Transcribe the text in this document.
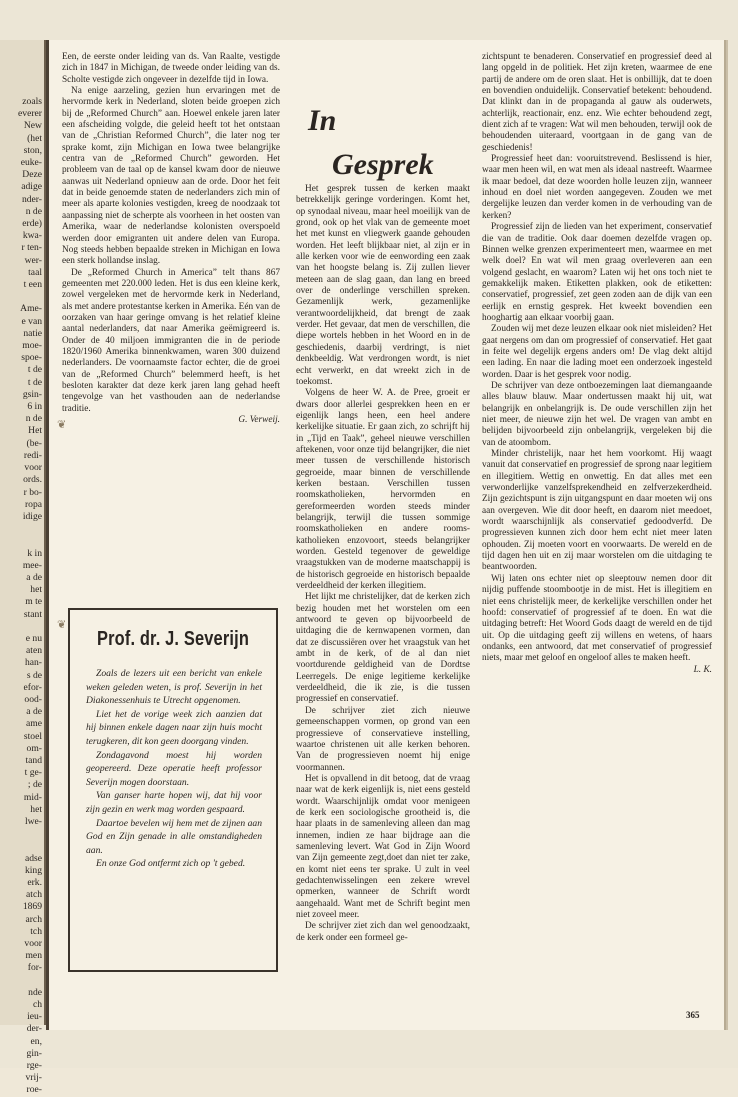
zoals
everer
New
(het
ston,
euke-
Deze
adige
nder-
n de
erde)
kwa-
r ten-
wer-
taal
t een

Ame-
e van
natie
moe-
spoe-
t de
t de
gsin-
6 in
n de
Het
(be-
redi-
voor
ords.
r bo-
ropa
idige

k in
mee-
a de
het
m te
stant

e nu
aten
han-
s de
efor-
ood-
a de
ame
stoel
om-
tand
t ge-
; de
mid-
het
lwe-

adse
king
erk.
atch
1869
arch
tch
voor
men
for-

nde
ch
ieu-
der-
en,
gin-
rge-
vrij-
roe-

Een, de eerste onder leiding van ds. Van Raalte, vestigde zich in 1847 in Michigan, de tweede onder leiding van ds. Scholte vestigde zich ongeveer in dezelfde tijd in Iowa.

Na enige aarzeling, gezien hun ervaringen met de hervormde kerk in Nederland, sloten beide groepen zich bij de „Reformed Church” aan. Hoewel enkele jaren later een afscheiding volgde, die geleid heeft tot het ontstaan van de „Christian Reformed Church”, die later nog ter sprake komt, zijn Michigan en Iowa twee belangrijke centra van de „Reformed Church” geworden. Het probleem van de taal op de kansel kwam door de nieuwe aanwas uit Nederland opnieuw aan de orde. Door het feit dat in beide genoemde staten de nederlanders zich min of meer als aparte kolonies vestigden, kreeg de noodzaak tot aanpassing niet de scherpte als voorheen in het oosten van Amerika, waar de nederlandse kolonisten overspoeld werden door emigranten uit andere delen van Europa. Nog steeds hebben bepaalde streken in Michigan en Iowa een sterk hollandse inslag.

De „Reformed Church in America” telt thans 867 gemeenten met 220.000 leden. Het is dus een kleine kerk, zowel vergeleken met de hervormde kerk in Nederland, als met andere protestantse kerken in Amerika. Eén van de oorzaken van haar geringe omvang is het relatief kleine aantal nederlanders, dat naar Amerika geëmigreerd is. Onder de 40 miljoen immigranten die in de periode 1820/1960 Amerika binnenkwamen, waren 300 duizend nederlanders. De voornaamste factor echter, die de groei van de „Reformed Church” belemmerd heeft, is het besloten karakter dat deze kerk jaren lang gehad heeft tengevolge van het vasthouden aan de nederlandse traditie.

G. Verweij.
Prof. dr. J. Severijn

Zoals de lezers uit een bericht van enkele weken geleden weten, is prof. Severijn in het Diakonessenhuis te Utrecht opgenomen.

Liet het de vorige week zich aanzien dat hij binnen enkele dagen naar zijn huis mocht terugkeren, dit kon geen doorgang vinden.

Zondagavond moest hij worden geopereerd. Deze operatie heeft professor Severijn mogen doorstaan.

Van ganser harte hopen wij, dat hij voor zijn gezin en werk mag worden gespaard.

Daartoe bevelen wij hem met de zijnen aan God en Zijn genade in alle omstandigheden aan.

En onze God ontfermt zich op 't gebed.

In
Gesprek

Het gesprek tussen de kerken maakt betrekkelijk geringe vorderingen. Komt het, op synodaal niveau, maar heel moeilijk van de grond, ook op het vlak van de gemeente moet het met kunst en vliegwerk gaande gehouden worden. Het leeft blijkbaar niet, al zijn er in alle kerken voor wie de eenwording een zaak van het hoogste belang is. Zij zullen liever meteen aan de slag gaan, dan lang en breed over de onderlinge verschillen spreken. Gezamenlijk werk, gezamenlijke verantwoordelijkheid, dat brengt de zaak verder. Het gevaar, dat men de verschillen, die diepe wortels hebben in het Woord en in de geschiedenis, daarbij verdringt, is niet denkbeeldig. Wat verdrongen wordt, is niet echt verwerkt, en dat wreekt zich in de toekomst.

Volgens de heer W. A. de Pree, groeit er dwars door allerlei gesprekken heen en er eigenlijk langs heen, een heel andere kerkelijke situatie. Er gaan zich, zo schrijft hij in „Tijd en Taak”, geheel nieuwe verschillen aftekenen, voor onze tijd belangrijker, die niet meer tussen de verschillende historisch gegroeide, maar binnen de verschillende kerken bestaan. Verschillen tussen roomskatholieken, hervormden en gereformeerden worden steeds minder belangrijk, terwijl die tussen sommige roomskatholieken en andere rooms-katholieken enzovoort, steeds belangrijker worden. Gesteld tegenover de geweldige vraagstukken van de moderne maatschappij is de historisch gegroeide en historisch bepaalde verdeeldheid der kerken illegitiem.

Het lijkt me christelijker, dat de kerken zich bezig houden met het worstelen om een antwoord te geven op bijvoorbeeld de uitdaging die de kernwapenen vormen, dan dat ze discussiëren over het vraagstuk van het ambt in de kerk, of de al dan niet voortdurende geldigheid van de Dordtse Leerregels. De enige legitieme kerkelijke verdeeldheid, die ik zie, is die tussen progressief en conservatief.

De schrijver ziet zich nieuwe gemeenschappen vormen, op grond van een progressieve of conservatieve instelling, waartoe christenen uit alle kerken behoren. Van de progressieven noemt hij enige voormannen.

Het is opvallend in dit betoog, dat de vraag naar wat de kerk eigenlijk is, niet eens gesteld wordt. Waarschijnlijk omdat voor menigeen de kerk een sociologische grootheid is, die haar plaats in de samenleving alleen dan mag innemen, indien ze haar bijdrage aan die samenleving levert. Wat God in Zijn Woord van Zijn gemeente zegt,doet dan niet ter zake, en komt niet eens ter sprake. U zult in veel gedachtenwisselingen een zekere wrevel opmerken, wanneer de Schrift wordt aangehaald. Want met de Schrift begint men niet zoveel meer.

De schrijver ziet zich dan wel genoodzaakt, de kerk onder een formeel ge-

zichtspunt te benaderen. Conservatief en progressief deed al lang opgeld in de politiek. Het zijn kreten, waarmee de ene partij de andere om de oren slaat. Het is onbillijk, dat te doen en bovendien onduidelijk. Conservatief betekent: behoudend. Dat klinkt dan in de propaganda al gauw als ouderwets, achterlijk, reactionair, enz. enz. Wie echter behoudend zegt, dient zich af te vragen: Wat wil men behouden, terwijl ook de behoudenden uiteraard, voortgaan in de gang van de geschiedenis!

Progressief heet dan: vooruitstrevend. Beslissend is hier, waar men heen wil, en wat men als ideaal nastreeft. Waarmee ik maar bedoel, dat deze woorden holle leuzen zijn, wanneer inhoud en doel niet worden aangegeven. Zouden we met dergelijke leuzen dan verder komen in de verhouding van de kerken?

Progressief zijn de lieden van het experiment, conservatief die van de traditie. Ook daar doemen dezelfde vragen op. Binnen welke grenzen experimenteert men, waarmee en met welk doel? En wat wil men graag overleveren aan een volgend geslacht, en waarom? Laten wij het ons toch niet te gemakkelijk maken. Etiketten plakken, ook de etiketten: conservatief, progressief, zet geen zoden aan de dijk van een eerlijk en ernstig gesprek. Het kweekt bovendien een hooghartig aan elkaar voorbij gaan.

Zouden wij met deze leuzen elkaar ook niet misleiden? Het gaat nergens om dan om progressief of conservatief. Het gaat in feite wel degelijk ergens anders om! De vlag dekt altijd een lading. En naar die lading moet een onderzoek ingesteld worden. Daar is het gesprek voor nodig.

De schrijver van deze ontboezemingen laat diemangaande alles blauw blauw. Maar ondertussen maakt hij uit, wat belangrijk en onbelangrijk is. De oude verschillen zijn het niet meer, de nieuwe zijn het wel. De vragen van ambt en belijden bijvoorbeeld zijn onbelangrijk, vergeleken bij die van de atoombom.

Minder christelijk, naar het hem voorkomt. Hij waagt vanuit dat conservatief en progressief de sprong naar legitiem en illegitiem. Wettig en onwettig. En dat alles met een verwonderlijke vanzelfsprekendheid en zelfverzekerdheid. Zijn gezichtspunt is zijn uitgangspunt en daar moeten wij ons aan overgeven. Wie dit door heeft, en daarom niet meedoet, wordt waarschijnlijk als conservatief gedoodverfd. De progressieven kunnen zich door hem echt niet meer laten ophouden. Zij moeten voort en voorwaarts. De wereld en de tijd dagen hen uit en zij maar worstelen om die uitdaging te beantwoorden.

Wij laten ons echter niet op sleeptouw nemen door dit nijdig puffende stoombootje in de mist. Het is illegitiem en niet eens christelijk meer, de kerkelijke verschillen onder het hoofd: conservatief of progressief af te doen. En wat die uitdaging betreft: Het Woord Gods daagt de wereld en de tijd uit. Op die uitdaging geeft zij willens en wetens, of haars ondanks, een antwoord, dat met conservatief of progressief niets, maar met geloof en ongeloof alles te maken heeft.

L. K.
❦
❦
365
